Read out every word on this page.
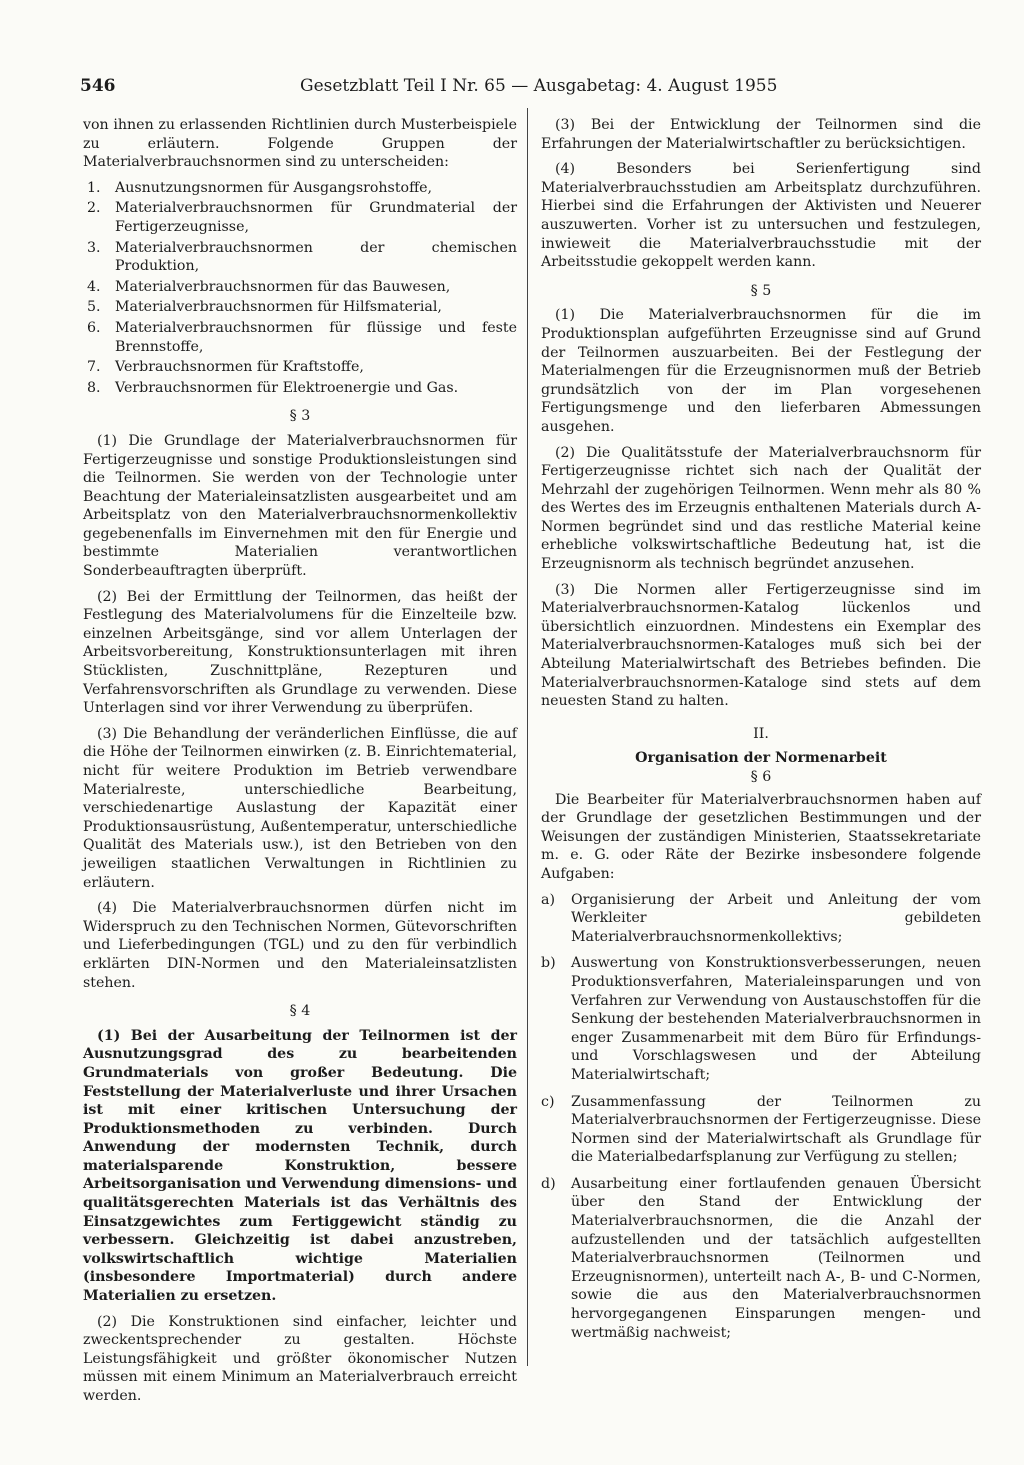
546	Gesetzblatt Teil I Nr. 65 — Ausgabetag: 4. August 1955

von ihnen zu erlassenden Richtlinien durch Musterbeispiele zu erläutern. Folgende Gruppen der Materialverbrauchsnormen sind zu unterscheiden:

1. Ausnutzungsnormen für Ausgangsrohstoffe,
2. Materialverbrauchsnormen für Grundmaterial der Fertigerzeugnisse,
3. Materialverbrauchsnormen der chemischen Produktion,
4. Materialverbrauchsnormen für das Bauwesen,
5. Materialverbrauchsnormen für Hilfsmaterial,
6. Materialverbrauchsnormen für flüssige und feste Brennstoffe,
7. Verbrauchsnormen für Kraftstoffe,
8. Verbrauchsnormen für Elektroenergie und Gas.
§ 3

(1) Die Grundlage der Materialverbrauchsnormen für Fertigerzeugnisse und sonstige Produktionsleistungen sind die Teilnormen. Sie werden von der Technologie unter Beachtung der Materialeinsatzlisten ausgearbeitet und am Arbeitsplatz von den Materialverbrauchsnormenkollektiv gegebenenfalls im Einvernehmen mit den für Energie und bestimmte Materialien verantwortlichen Sonderbeauftragten überprüft.

(2) Bei der Ermittlung der Teilnormen, das heißt der Festlegung des Materialvolumens für die Einzelteile bzw. einzelnen Arbeitsgänge, sind vor allem Unterlagen der Arbeitsvorbereitung, Konstruktionsunterlagen mit ihren Stücklisten, Zuschnittpläne, Rezepturen und Verfahrensvorschriften als Grundlage zu verwenden. Diese Unterlagen sind vor ihrer Verwendung zu überprüfen.

(3) Die Behandlung der veränderlichen Einflüsse, die auf die Höhe der Teilnormen einwirken (z. B. Einrichtematerial, nicht für weitere Produktion im Betrieb verwendbare Materialreste, unterschiedliche Bearbeitung, verschiedenartige Auslastung der Kapazität einer Produktionsausrüstung, Außentemperatur, unterschiedliche Qualität des Materials usw.), ist den Betrieben von den jeweiligen staatlichen Verwaltungen in Richtlinien zu erläutern.

(4) Die Materialverbrauchsnormen dürfen nicht im Widerspruch zu den Technischen Normen, Gütevorschriften und Lieferbedingungen (TGL) und zu den für verbindlich erklärten DIN-Normen und den Materialeinsatzlisten stehen.

§ 4

(1) Bei der Ausarbeitung der Teilnormen ist der Ausnutzungsgrad des zu bearbeitenden Grundmaterials von großer Bedeutung. Die Feststellung der Materialverluste und ihrer Ursachen ist mit einer kritischen Untersuchung der Produktionsmethoden zu verbinden. Durch Anwendung der modernsten Technik, durch materialsparende Konstruktion, bessere Arbeitsorganisation und Verwendung dimensions- und qualitätsgerechten Materials ist das Verhältnis des Einsatzgewichtes zum Fertiggewicht ständig zu verbessern. Gleichzeitig ist dabei anzustreben, volkswirtschaftlich wichtige Materialien (insbesondere Importmaterial) durch andere Materialien zu ersetzen.

(2) Die Konstruktionen sind einfacher, leichter und zweckentsprechender zu gestalten. Höchste Leistungsfähigkeit und größter ökonomischer Nutzen müssen mit einem Minimum an Materialverbrauch erreicht werden.

(3) Bei der Entwicklung der Teilnormen sind die Erfahrungen der Materialwirtschaftler zu berücksichtigen.

(4) Besonders bei Serienfertigung sind Materialverbrauchsstudien am Arbeitsplatz durchzuführen. Hierbei sind die Erfahrungen der Aktivisten und Neuerer auszuwerten. Vorher ist zu untersuchen und festzulegen, inwieweit die Materialverbrauchsstudie mit der Arbeitsstudie gekoppelt werden kann.

§ 5

(1) Die Materialverbrauchsnormen für die im Produktionsplan aufgeführten Erzeugnisse sind auf Grund der Teilnormen auszuarbeiten. Bei der Festlegung der Materialmengen für die Erzeugnisnormen muß der Betrieb grundsätzlich von der im Plan vorgesehenen Fertigungsmenge und den lieferbaren Abmessungen ausgehen.

(2) Die Qualitätsstufe der Materialverbrauchsnorm für Fertigerzeugnisse richtet sich nach der Qualität der Mehrzahl der zugehörigen Teilnormen. Wenn mehr als 80 % des Wertes des im Erzeugnis enthaltenen Materials durch A-Normen begründet sind und das restliche Material keine erhebliche volkswirtschaftliche Bedeutung hat, ist die Erzeugnisnorm als technisch begründet anzusehen.

(3) Die Normen aller Fertigerzeugnisse sind im Materialverbrauchsnormen-Katalog lückenlos und übersichtlich einzuordnen. Mindestens ein Exemplar des Materialverbrauchsnormen-Kataloges muß sich bei der Abteilung Materialwirtschaft des Betriebes befinden. Die Materialverbrauchsnormen-Kataloge sind stets auf dem neuesten Stand zu halten.

II.
Organisation der Normenarbeit
§ 6

Die Bearbeiter für Materialverbrauchsnormen haben auf der Grundlage der gesetzlichen Bestimmungen und der Weisungen der zuständigen Ministerien, Staatssekretariate m. e. G. oder Räte der Bezirke insbesondere folgende Aufgaben:

a) Organisierung der Arbeit und Anleitung der vom Werkleiter gebildeten Materialverbrauchsnormenkollektivs;
b) Auswertung von Konstruktionsverbesserungen, neuen Produktionsverfahren, Materialeinsparungen und von Verfahren zur Verwendung von Austauschstoffen für die Senkung der bestehenden Materialverbrauchsnormen in enger Zusammenarbeit mit dem Büro für Erfindungs- und Vorschlagswesen und der Abteilung Materialwirtschaft;
c) Zusammenfassung der Teilnormen zu Materialverbrauchsnormen der Fertigerzeugnisse. Diese Normen sind der Materialwirtschaft als Grundlage für die Materialbedarfsplanung zur Verfügung zu stellen;
d) Ausarbeitung einer fortlaufenden genauen Übersicht über den Stand der Entwicklung der Materialverbrauchsnormen, die die Anzahl der aufzustellenden und der tatsächlich aufgestellten Materialverbrauchsnormen (Teilnormen und Erzeugnisnormen), unterteilt nach A-, B- und C-Normen, sowie die aus den Materialverbrauchsnormen hervorgegangenen Einsparungen mengen- und wertmäßig nachweist;
